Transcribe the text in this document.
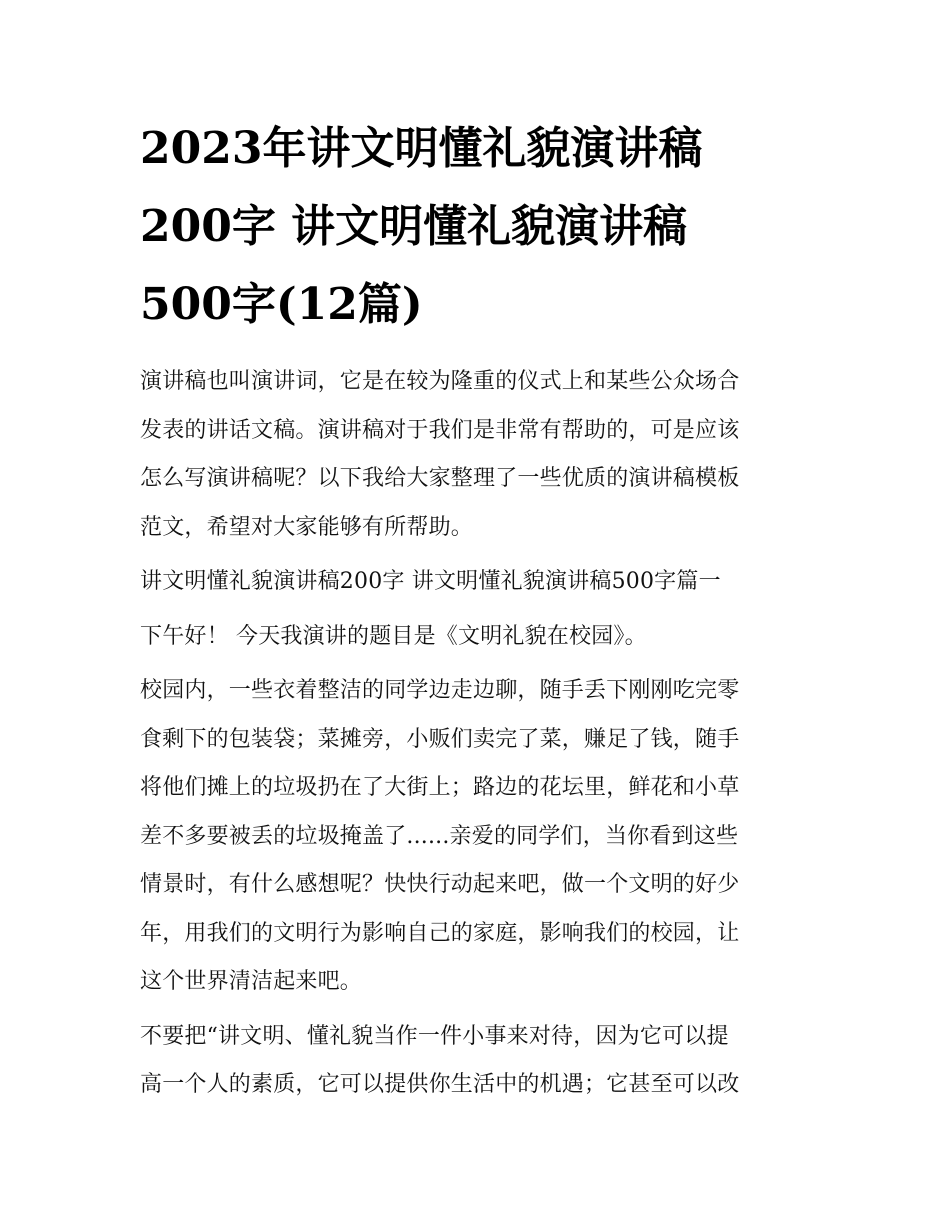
2023年讲文明懂礼貌演讲稿
200字 讲文明懂礼貌演讲稿
500字(12篇)
演讲稿也叫演讲词，它是在较为隆重的仪式上和某些公众场合
发表的讲话文稿。演讲稿对于我们是非常有帮助的，可是应该
怎么写演讲稿呢？以下我给大家整理了一些优质的演讲稿模板
范文，希望对大家能够有所帮助。
讲文明懂礼貌演讲稿200字 讲文明懂礼貌演讲稿500字篇一
下午好！ 今天我演讲的题目是《文明礼貌在校园》。
校园内，一些衣着整洁的同学边走边聊，随手丢下刚刚吃完零
食剩下的包装袋；菜摊旁，小贩们卖完了菜，赚足了钱，随手
将他们摊上的垃圾扔在了大街上；路边的花坛里，鲜花和小草
差不多要被丢的垃圾掩盖了......亲爱的同学们，当你看到这些
情景时，有什么感想呢？快快行动起来吧，做一个文明的好少
年，用我们的文明行为影响自己的家庭，影响我们的校园，让
这个世界清洁起来吧。
不要把“讲文明、懂礼貌当作一件小事来对待，因为它可以提
高一个人的素质，它可以提供你生活中的机遇；它甚至可以改
